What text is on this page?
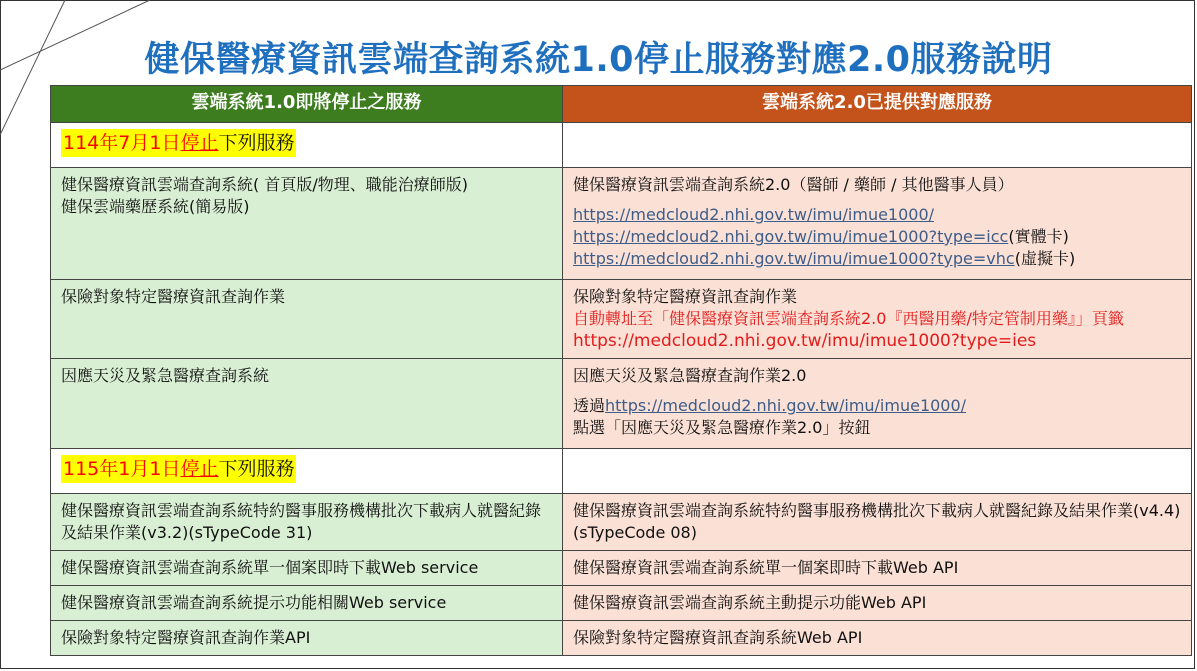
健保醫療資訊雲端查詢系統1.0停止服務對應2.0服務說明
雲端系統1.0即將停止之服務	雲端系統2.0已提供對應服務
114年7月1日停止下列服務	

健保醫療資訊雲端查詢系統( 首頁版/物理、職能治療師版)
健保雲端藥歷系統(簡易版)	健保醫療資訊雲端查詢系統2.0（醫師 / 藥師 / 其他醫事人員）
https://medcloud2.nhi.gov.tw/imu/imue1000/
https://medcloud2.nhi.gov.tw/imu/imue1000?type=icc(實體卡)
https://medcloud2.nhi.gov.tw/imu/imue1000?type=vhc(虛擬卡)

保險對象特定醫療資訊查詢作業	保險對象特定醫療資訊查詢作業
自動轉址至「健保醫療資訊雲端查詢系統2.0『西醫用藥/特定管制用藥』」頁籤
https://medcloud2.nhi.gov.tw/imu/imue1000?type=ies

因應天災及緊急醫療查詢系統	因應天災及緊急醫療查詢作業2.0
透過https://medcloud2.nhi.gov.tw/imu/imue1000/
點選「因應天災及緊急醫療作業2.0」按鈕

115年1月1日停止下列服務	
健保醫療資訊雲端查詢系統特約醫事服務機構批次下載病人就醫紀錄及結果作業(v3.2)(sTypeCode 31)	健保醫療資訊雲端查詢系統特約醫事服務機構批次下載病人就醫紀錄及結果作業(v4.4)(sTypeCode 08)
健保醫療資訊雲端查詢系統單一個案即時下載Web service	健保醫療資訊雲端查詢系統單一個案即時下載Web API
健保醫療資訊雲端查詢系統提示功能相關Web service	健保醫療資訊雲端查詢系統主動提示功能Web API
保險對象特定醫療資訊查詢作業API	保險對象特定醫療資訊查詢系統Web API
